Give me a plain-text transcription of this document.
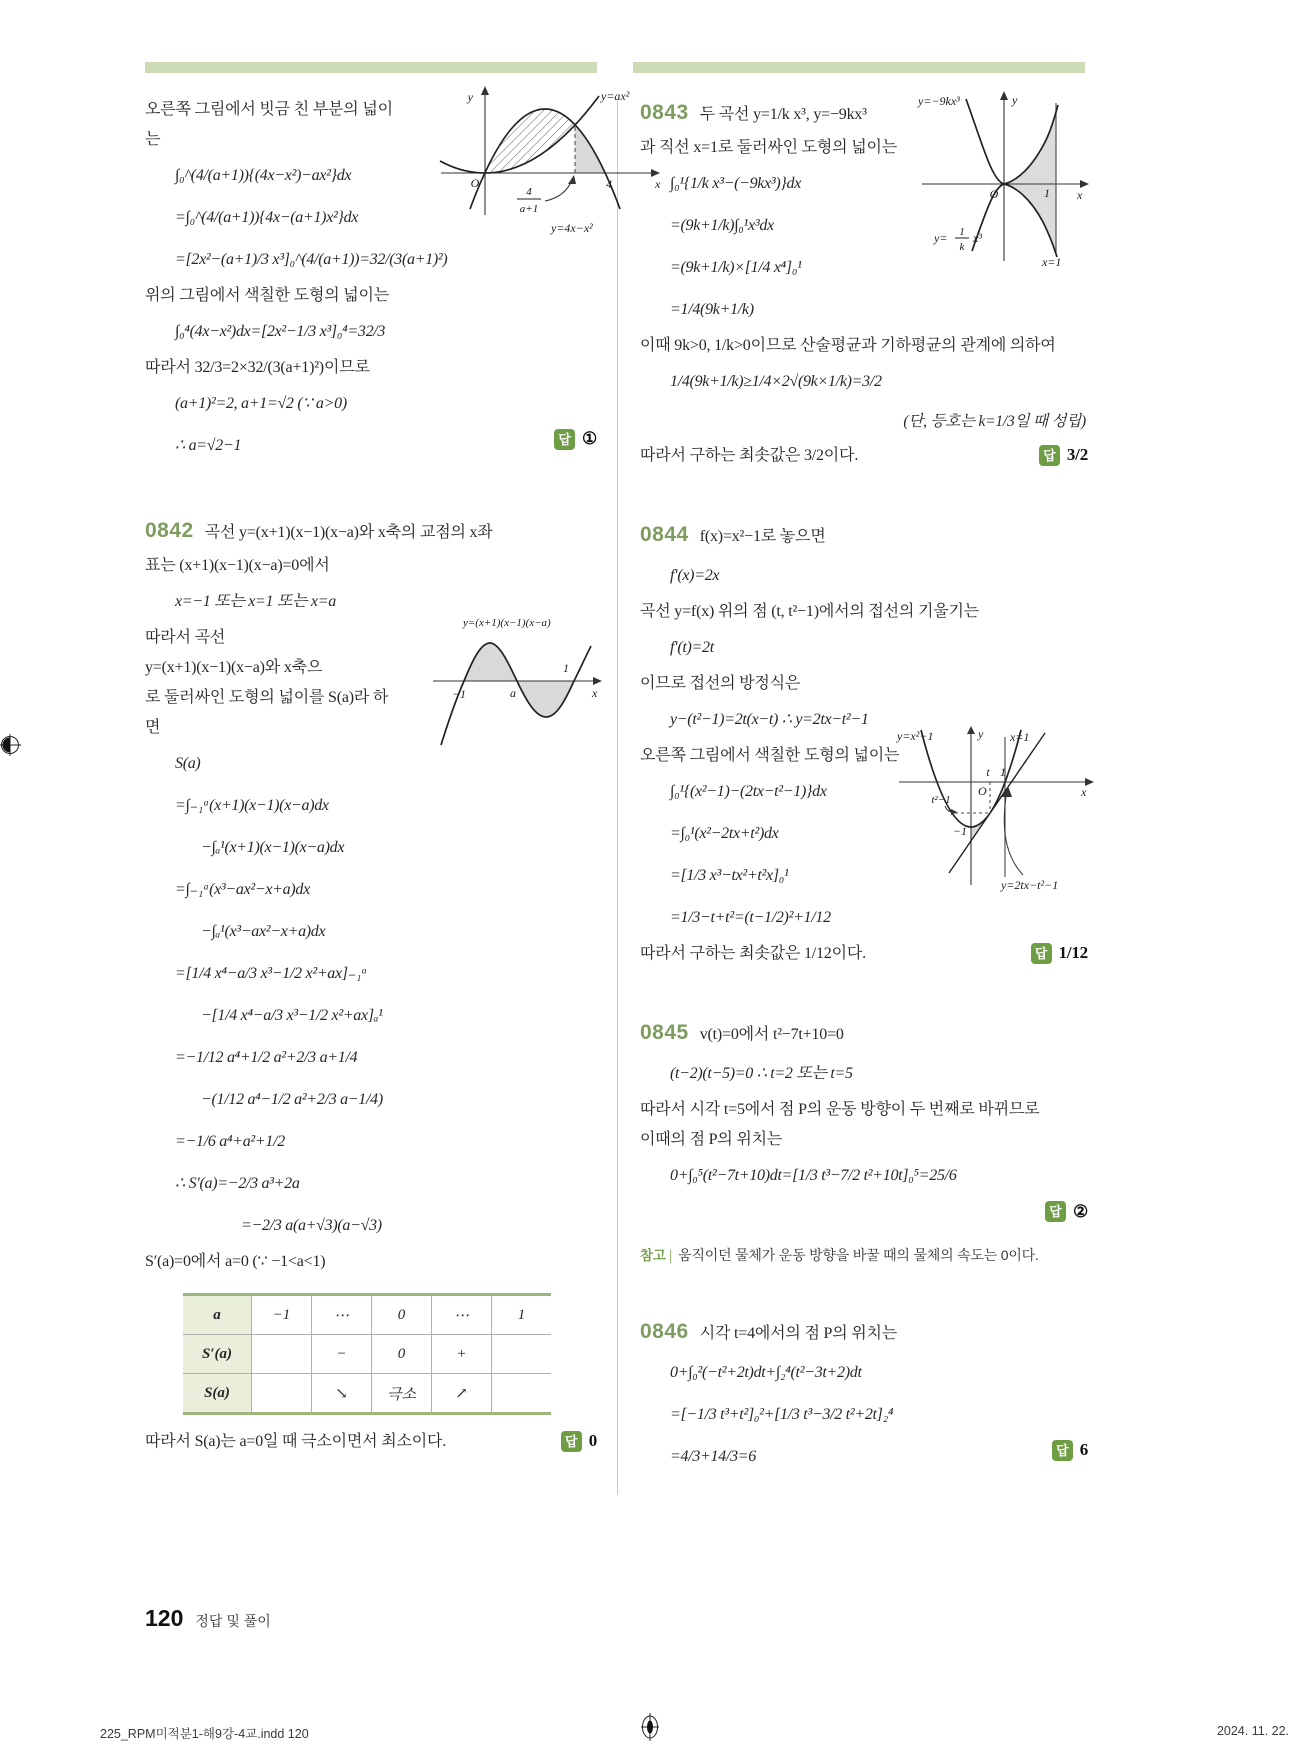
y	y=ax²
O	4	x
4
a+1
y=4x−x²
오른쪽 그림에서 빗금 친 부분의 넓이
는
∫₀^(4/(a+1)){(4x−x²)−ax²}dx
=∫₀^(4/(a+1)){4x−(a+1)x²}dx
=[2x²−(a+1)/3 x³]₀^(4/(a+1))=32/(3(a+1)²)
위의 그림에서 색칠한 도형의 넓이는
∫₀⁴(4x−x²)dx=[2x²−1/3 x³]₀⁴=32/3
따라서 32/3=2×32/(3(a+1)²)이므로
(a+1)²=2, a+1=√2 (∵ a>0)
답 ①
∴ a=√2−1
0842 곡선 y=(x+1)(x−1)(x−a)와 x축의 교점의 x좌
표는 (x+1)(x−1)(x−a)=0에서
x=−1 또는 x=1 또는 x=a
y=(x+1)(x−1)(x−a)
−1	a
1
x
따라서 곡선
y=(x+1)(x−1)(x−a)와 x축으
로 둘러싸인 도형의 넓이를 S(a)라 하
면
S(a)
=∫₋₁ᵃ(x+1)(x−1)(x−a)dx
−∫ₐ¹(x+1)(x−1)(x−a)dx
=∫₋₁ᵃ(x³−ax²−x+a)dx
−∫ₐ¹(x³−ax²−x+a)dx
=[1/4 x⁴−a/3 x³−1/2 x²+ax]₋₁ᵃ
−[1/4 x⁴−a/3 x³−1/2 x²+ax]ₐ¹
=−1/12 a⁴+1/2 a²+2/3 a+1/4
−(1/12 a⁴−1/2 a²+2/3 a−1/4)
=−1/6 a⁴+a²+1/2
∴ S′(a)=−2/3 a³+2a
=−2/3 a(a+√3)(a−√3)
S′(a)=0에서 a=0 (∵ −1<a<1)
a	−1	⋯	0	⋯	1
S′(a)		−	0	+	
S(a)		↘	극소	↗	
답 0
따라서 S(a)는 a=0일 때 극소이면서 최소이다.
y=−9kx³	y
O	1 x
y= 1
k
x³
x=1
0843 두 곡선 y=1/k x³, y=−9kx³
과 직선 x=1로 둘러싸인 도형의 넓이는
∫₀¹{1/k x³−(−9kx³)}dx
=(9k+1/k)∫₀¹x³dx
=(9k+1/k)×[1/4 x⁴]₀¹
=1/4(9k+1/k)
이때 9k>0, 1/k>0이므로 산술평균과 기하평균의 관계에 의하여
1/4(9k+1/k)≥1/4×2√(9k×1/k)=3/2
(단, 등호는 k=1/3일 때 성립)
답 3/2
따라서 구하는 최솟값은 3/2이다.
0844 f(x)=x²−1로 놓으면
f′(x)=2x
곡선 y=f(x) 위의 점 (t, t²−1)에서의 접선의 기울기는
f′(t)=2t
이므로 접선의 방정식은
y−(t²−1)=2t(x−t) ∴ y=2tx−t²−1
y=x²−1	y x=1
t 1
O
t²−1
−1
x
y=2tx−t²−1
오른쪽 그림에서 색칠한 도형의 넓이는
∫₀¹{(x²−1)−(2tx−t²−1)}dx
=∫₀¹(x²−2tx+t²)dx
=[1/3 x³−tx²+t²x]₀¹
=1/3−t+t²=(t−1/2)²+1/12
답 1/12
따라서 구하는 최솟값은 1/12이다.
0845 v(t)=0에서 t²−7t+10=0
(t−2)(t−5)=0 ∴ t=2 또는 t=5
따라서 시각 t=5에서 점 P의 운동 방향이 두 번째로 바뀌므로
이때의 점 P의 위치는
0+∫₀⁵(t²−7t+10)dt=[1/3 t³−7/2 t²+10t]₀⁵=25/6
답 ②
참고 | 움직이던 물체가 운동 방향을 바꿀 때의 물체의 속도는 0이다.
0846 시각 t=4에서의 점 P의 위치는
0+∫₀²(−t²+2t)dt+∫₂⁴(t²−3t+2)dt
=[−1/3 t³+t²]₀²+[1/3 t³−3/2 t²+2t]₂⁴
답 6
=4/3+14/3=6
120 정답 및 풀이
225_RPM미적분1-해9강-4교.indd 120	2024. 11. 22.
